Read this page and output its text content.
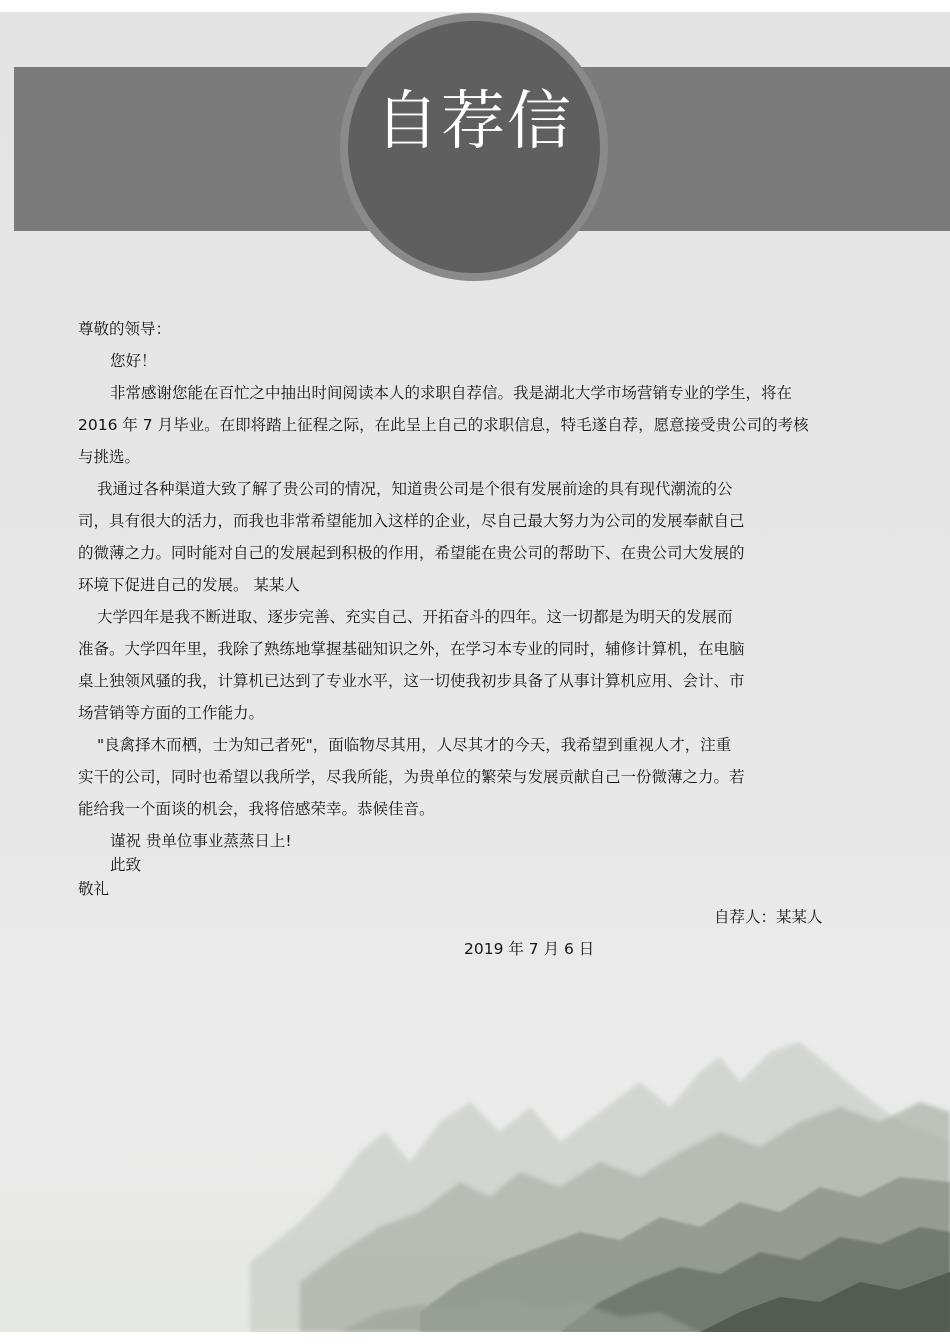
自荐信
尊敬的领导：
您好！
非常感谢您能在百忙之中抽出时间阅读本人的求职自荐信。我是湖北大学市场营销专业的学生，将在
2016 年 7 月毕业。在即将踏上征程之际，在此呈上自己的求职信息，特毛遂自荐，愿意接受贵公司的考核
与挑选。
我通过各种渠道大致了解了贵公司的情况，知道贵公司是个很有发展前途的具有现代潮流的公
司，具有很大的活力，而我也非常希望能加入这样的企业，尽自己最大努力为公司的发展奉献自己
的微薄之力。同时能对自己的发展起到积极的作用，希望能在贵公司的帮助下、在贵公司大发展的
环境下促进自己的发展。 某某人
大学四年是我不断进取、逐步完善、充实自己、开拓奋斗的四年。这一切都是为明天的发展而
准备。大学四年里，我除了熟练地掌握基础知识之外，在学习本专业的同时，辅修计算机，在电脑
桌上独领风骚的我，计算机已达到了专业水平，这一切使我初步具备了从事计算机应用、会计、市
场营销等方面的工作能力。
"良禽择木而栖，士为知己者死"，面临物尽其用，人尽其才的今天，我希望到重视人才，注重
实干的公司，同时也希望以我所学，尽我所能，为贵单位的繁荣与发展贡献自己一份微薄之力。若
能给我一个面谈的机会，我将倍感荣幸。恭候佳音。
谨祝 贵单位事业蒸蒸日上!
此致
敬礼
自荐人：某某人
2019 年 7 月 6 日
